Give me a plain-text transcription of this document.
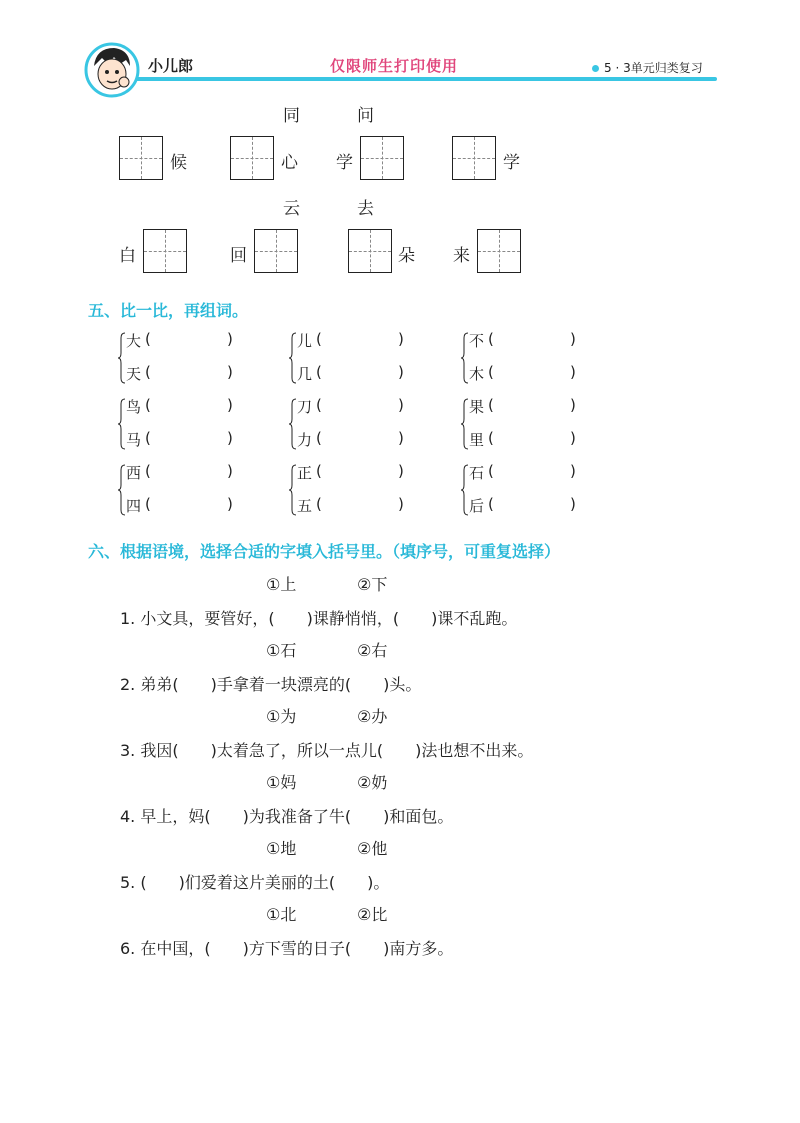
小儿郎	仅限师生打印使用	5 · 3单元归类复习
同	问
候	心 学	学
云	去
白	回	朵 来
五、比一比，再组词。
大 (	)
天 (	)
儿 (	)
几 (	)
不 (	)
木 (	)
鸟 (	)
马 (	)
刀 (	)
力 (	)
果 (	)
里 (	)
西 (	)
四 (	)
正 (	)
五 (	)
石 (	)
后 (	)
六、根据语境，选择合适的字填入括号里。（填序号，可重复选择）
①上	②下
1. 小文具，要管好，(　　)课静悄悄，(　　)课不乱跑。
①石	②右
2. 弟弟(　　)手拿着一块漂亮的(　　)头。
①为	②办
3. 我因(　　)太着急了，所以一点儿(　　)法也想不出来。
①妈	②奶
4. 早上，妈(　　)为我准备了牛(　　)和面包。
①地	②他
5. (　　)们爱着这片美丽的土(　　)。
①北	②比
6. 在中国，(　　)方下雪的日子(　　)南方多。
